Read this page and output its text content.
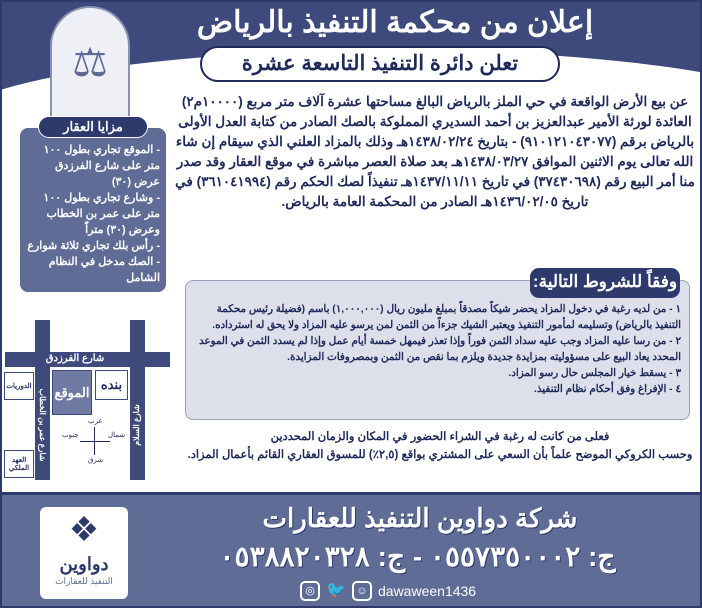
إعلان من محكمة التنفيذ بالرياض
تعلن دائرة التنفيذ التاسعة عشرة
⚖
عن بيع الأرض الواقعة في حي الملز بالرياض البالغ مساحتها عشرة آلاف متر مربع (١٠٠٠٠م٢) العائدة لورثة الأمير عبدالعزيز بن أحمد السديري المملوكة بالصك الصادر من كتابة العدل الأولى بالرياض برقم (٩١٠١٢١٠٤٣٠٧٧) - بتاريخ ١٤٣٨/٠٢/٢٤هـ وذلك بالمزاد العلني الذي سيقام إن شاء الله تعالى يوم الاثنين الموافق ١٤٣٨/٠٣/٢٧هـ بعد صلاة العصر مباشرة في موقع العقار وقد صدر منا أمر البيع رقم (٣٧٤٣٠٦٩٨) في تاريخ ١٤٣٧/١١/١١هـ تنفيذاً لصك الحكم رقم (٣٦١٠٤١٩٩٤) في تاريخ ١٤٣٦/٠٢/٠٥هـ الصادر من المحكمة العامة بالرياض.
- الموقع تجاري بطول ١٠٠ متر على شارع الفرزدق عرض (٣٠)
- وشارع تجاري بطول ١٠٠ متر على عمر بن الخطاب وعرض (٣٠) متراً
- رأس بلك تجاري ثلاثة شوارع
- الصك مدخل في النظام الشامل
مزايا العقار
شارع الفرزدق
شارع عمر بن الخطاب	شارع السلام
الموقع بنده
الدوريات
العهد الملكي
غرب
شرق
جنوب	شمال
١ - من لديه رغبة في دخول المزاد يحضر شيكاً مصدقاً بمبلغ مليون ريال (١,٠٠٠,٠٠٠) باسم (فضيلة رئيس محكمة التنفيذ بالرياض) وتسليمه لمأمور التنفيذ ويعتبر الشيك جزءاً من الثمن لمن يرسو عليه المزاد ولا يحق له استرداده.
٢ - من رسا عليه المزاد وجب عليه سداد الثمن فوراً وإذا تعذر فيمهل خمسة أيام عمل وإذا لم يسدد الثمن في الموعد المحدد يعاد البيع على مسؤوليته بمزايدة جديدة ويلزم بما نقص من الثمن وبمصروفات المزايدة.
٣ - يسقط خيار المجلس حال رسو المزاد.
٤ - الإفراغ وفق أحكام نظام التنفيذ.
وفقاً للشروط التالية:
فعلى من كانت له رغبة في الشراء الحضور في المكان والزمان المحددين
وحسب الكروكي الموضح علماً بأن السعي على المشتري بواقع (٢,٥٪) للمسوق العقاري القائم بأعمال المزاد.
❖
دواوين
التنفيذ للعقارات
شركة دواوين التنفيذ للعقارات
ج: ٠٥٥٧٣٥٠٠٠٢ - ج: ٠٥٣٨٨٢٠٣٢٨
◎ 🐦 ☺ dawaween1436
